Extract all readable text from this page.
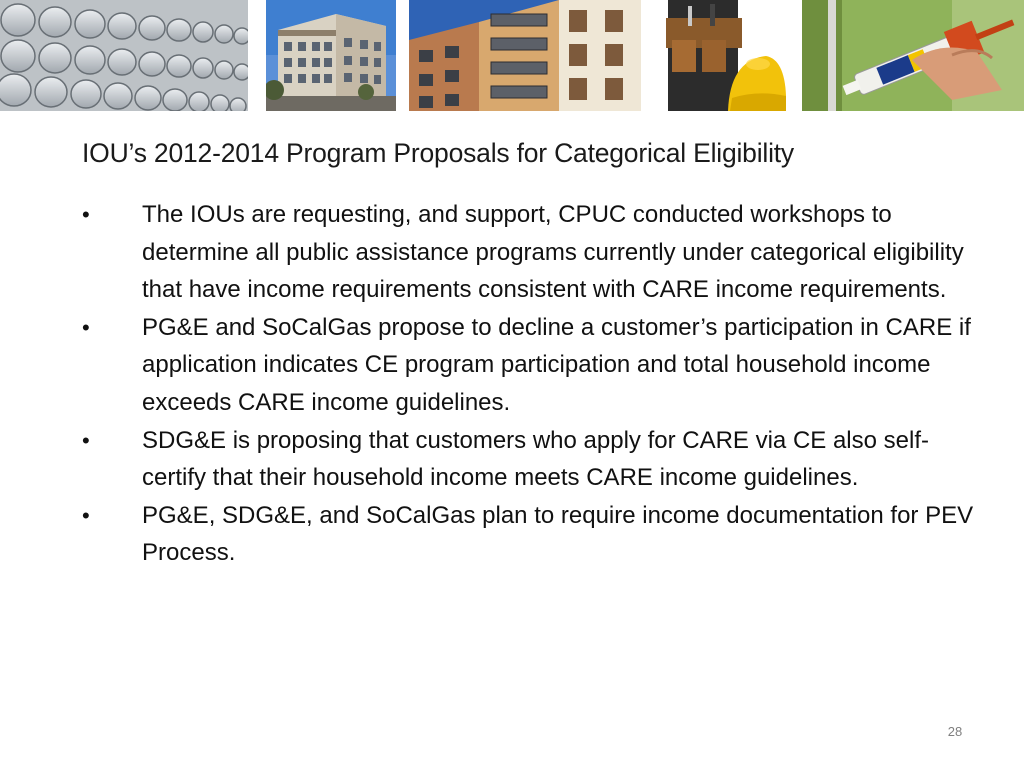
IOU’s 2012-2014 Program Proposals for Categorical Eligibility
• The IOUs are requesting, and support, CPUC conducted workshops to determine all public assistance programs currently under categorical eligibility that have income requirements consistent with CARE income requirements.
• PG&E and SoCalGas propose to decline a customer’s participation in CARE if application indicates CE program participation and total household income exceeds CARE income guidelines.
• SDG&E is proposing that customers who apply for CARE via CE also self-certify that their household income meets CARE income guidelines.
• PG&E, SDG&E, and SoCalGas plan to require income documentation for PEV Process.
28
